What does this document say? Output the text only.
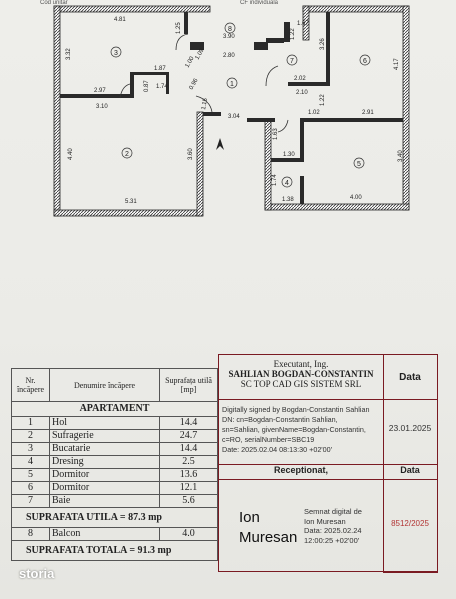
Cod unitar	CF individuala
4.81
1.25
3.90
2.80
1.67
1.22
3.26
3.32
1.87
1.74
2.97	0.87
3.10
1.00
1.09
0.96	2.02
2.10
1.22
1.02	2.91
4.17
3.04
1.63
4.40	3.60	1.30	3.40
1.74
4.00
5.31	1.38
1.15
1
2
3
4
5
6
7
8
Nr. încăpere	Denumire încăpere	Suprafața utilă [mp]
APARTAMENT		
1	Hol	14.4
2	Sufragerie	24.7
3	Bucatarie	14.4
4	Dresing	2.5
5	Dormitor	13.6
6	Dormitor	12.1
7	Baie	5.6
SUPRAFATA UTILA = 87.3 mp		
8	Balcon	4.0
SUPRAFATA TOTALA = 91.3 mp		
Executant, Ing.
SAHLIAN BOGDAN-CONSTANTIN
SC TOP CAD GIS SISTEM SRL
Data
Digitally signed by Bogdan-Constantin Sahlian
DN: cn=Bogdan-Constantin Sahlian,
sn=Sahlian, givenName=Bogdan-Constantin,
c=RO, serialNumber=SBC19
Date: 2025.02.04 08:13:30 +02'00'
23.01.2025
Receptionat,	Data
Ion
Muresan
Semnat digital de
Ion Muresan
Data: 2025.02.24
12:00:25 +02'00'
8512/2025
storia
